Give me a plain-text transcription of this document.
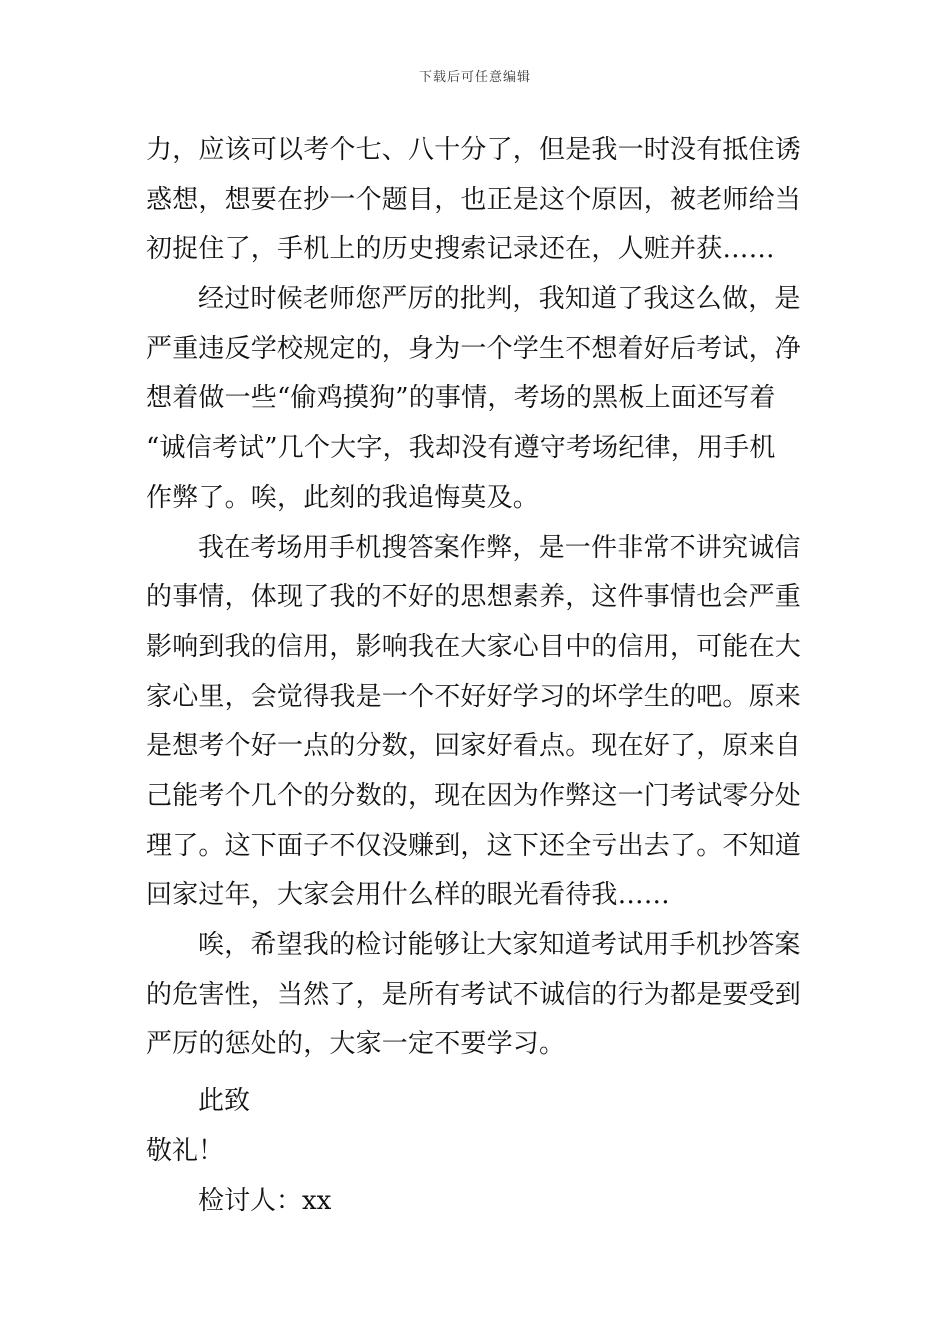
下载后可任意编辑
力，应该可以考个七、八十分了，但是我一时没有抵住诱
惑想，想要在抄一个题目，也正是这个原因，被老师给当
初捉住了，手机上的历史搜索记录还在，人赃并获……
经过时候老师您严厉的批判，我知道了我这么做，是
严重违反学校规定的，身为一个学生不想着好后考试，净
想着做一些“偷鸡摸狗”的事情，考场的黑板上面还写着
“诚信考试”几个大字，我却没有遵守考场纪律，用手机
作弊了。唉，此刻的我追悔莫及。
我在考场用手机搜答案作弊，是一件非常不讲究诚信
的事情，体现了我的不好的思想素养，这件事情也会严重
影响到我的信用，影响我在大家心目中的信用，可能在大
家心里，会觉得我是一个不好好学习的坏学生的吧。原来
是想考个好一点的分数，回家好看点。现在好了，原来自
己能考个几个的分数的，现在因为作弊这一门考试零分处
理了。这下面子不仅没赚到，这下还全亏出去了。不知道
回家过年，大家会用什么样的眼光看待我……
唉，希望我的检讨能够让大家知道考试用手机抄答案
的危害性，当然了，是所有考试不诚信的行为都是要受到
严厉的惩处的，大家一定不要学习。
此致
敬礼！
检讨人：xx
